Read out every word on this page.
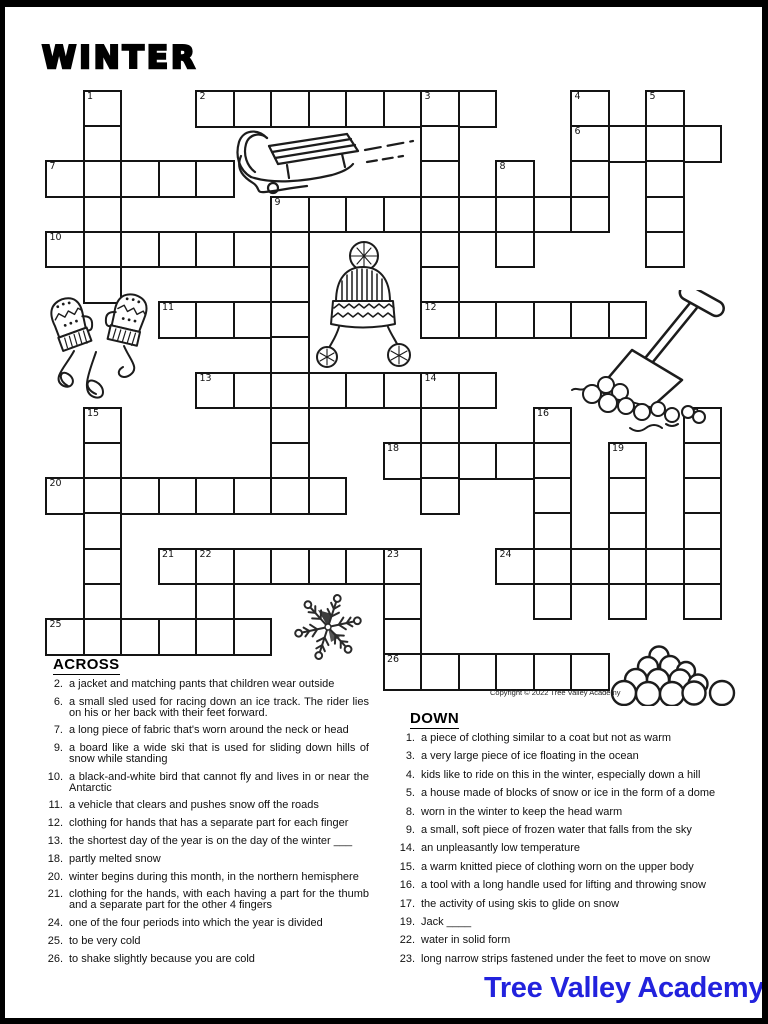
WINTER
1	2	3
12
4
6
5
7	8
9
10
11
13	14
15	16
18	19
20
21	22	23
26
24
25
Copyright © 2022 Tree Valley Academy
ACROSS
2. a jacket and matching pants that children wear outside
6. a small sled used for racing down an ice track. The rider lies on his or her back with their feet forward.
7. a long piece of fabric that's worn around the neck or head
9. a board like a wide ski that is used for sliding down hills of snow while standing
10. a black-and-white bird that cannot fly and lives in or near the Antarctic
11. a vehicle that clears and pushes snow off the roads
12. clothing for hands that has a separate part for each finger
13. the shortest day of the year is on the day of the winter ___
18. partly melted snow
20. winter begins during this month, in the northern hemisphere
21. clothing for the hands, with each having a part for the thumb and a separate part for the other 4 fingers
24. one of the four periods into which the year is divided
25. to be very cold
26. to shake slightly because you are cold
DOWN
1. a piece of clothing similar to a coat but not as warm
3. a very large piece of ice floating in the ocean
4. kids like to ride on this in the winter, especially down a hill
5. a house made of blocks of snow or ice in the form of a dome
8. worn in the winter to keep the head warm
9. a small, soft piece of frozen water that falls from the sky
14. an unpleasantly low temperature
15. a warm knitted piece of clothing worn on the upper body
16. a tool with a long handle used for lifting and throwing snow
17. the activity of using skis to glide on snow
19. Jack ____
22. water in solid form
23. long narrow strips fastened under the feet to move on snow
Tree Valley Academy
